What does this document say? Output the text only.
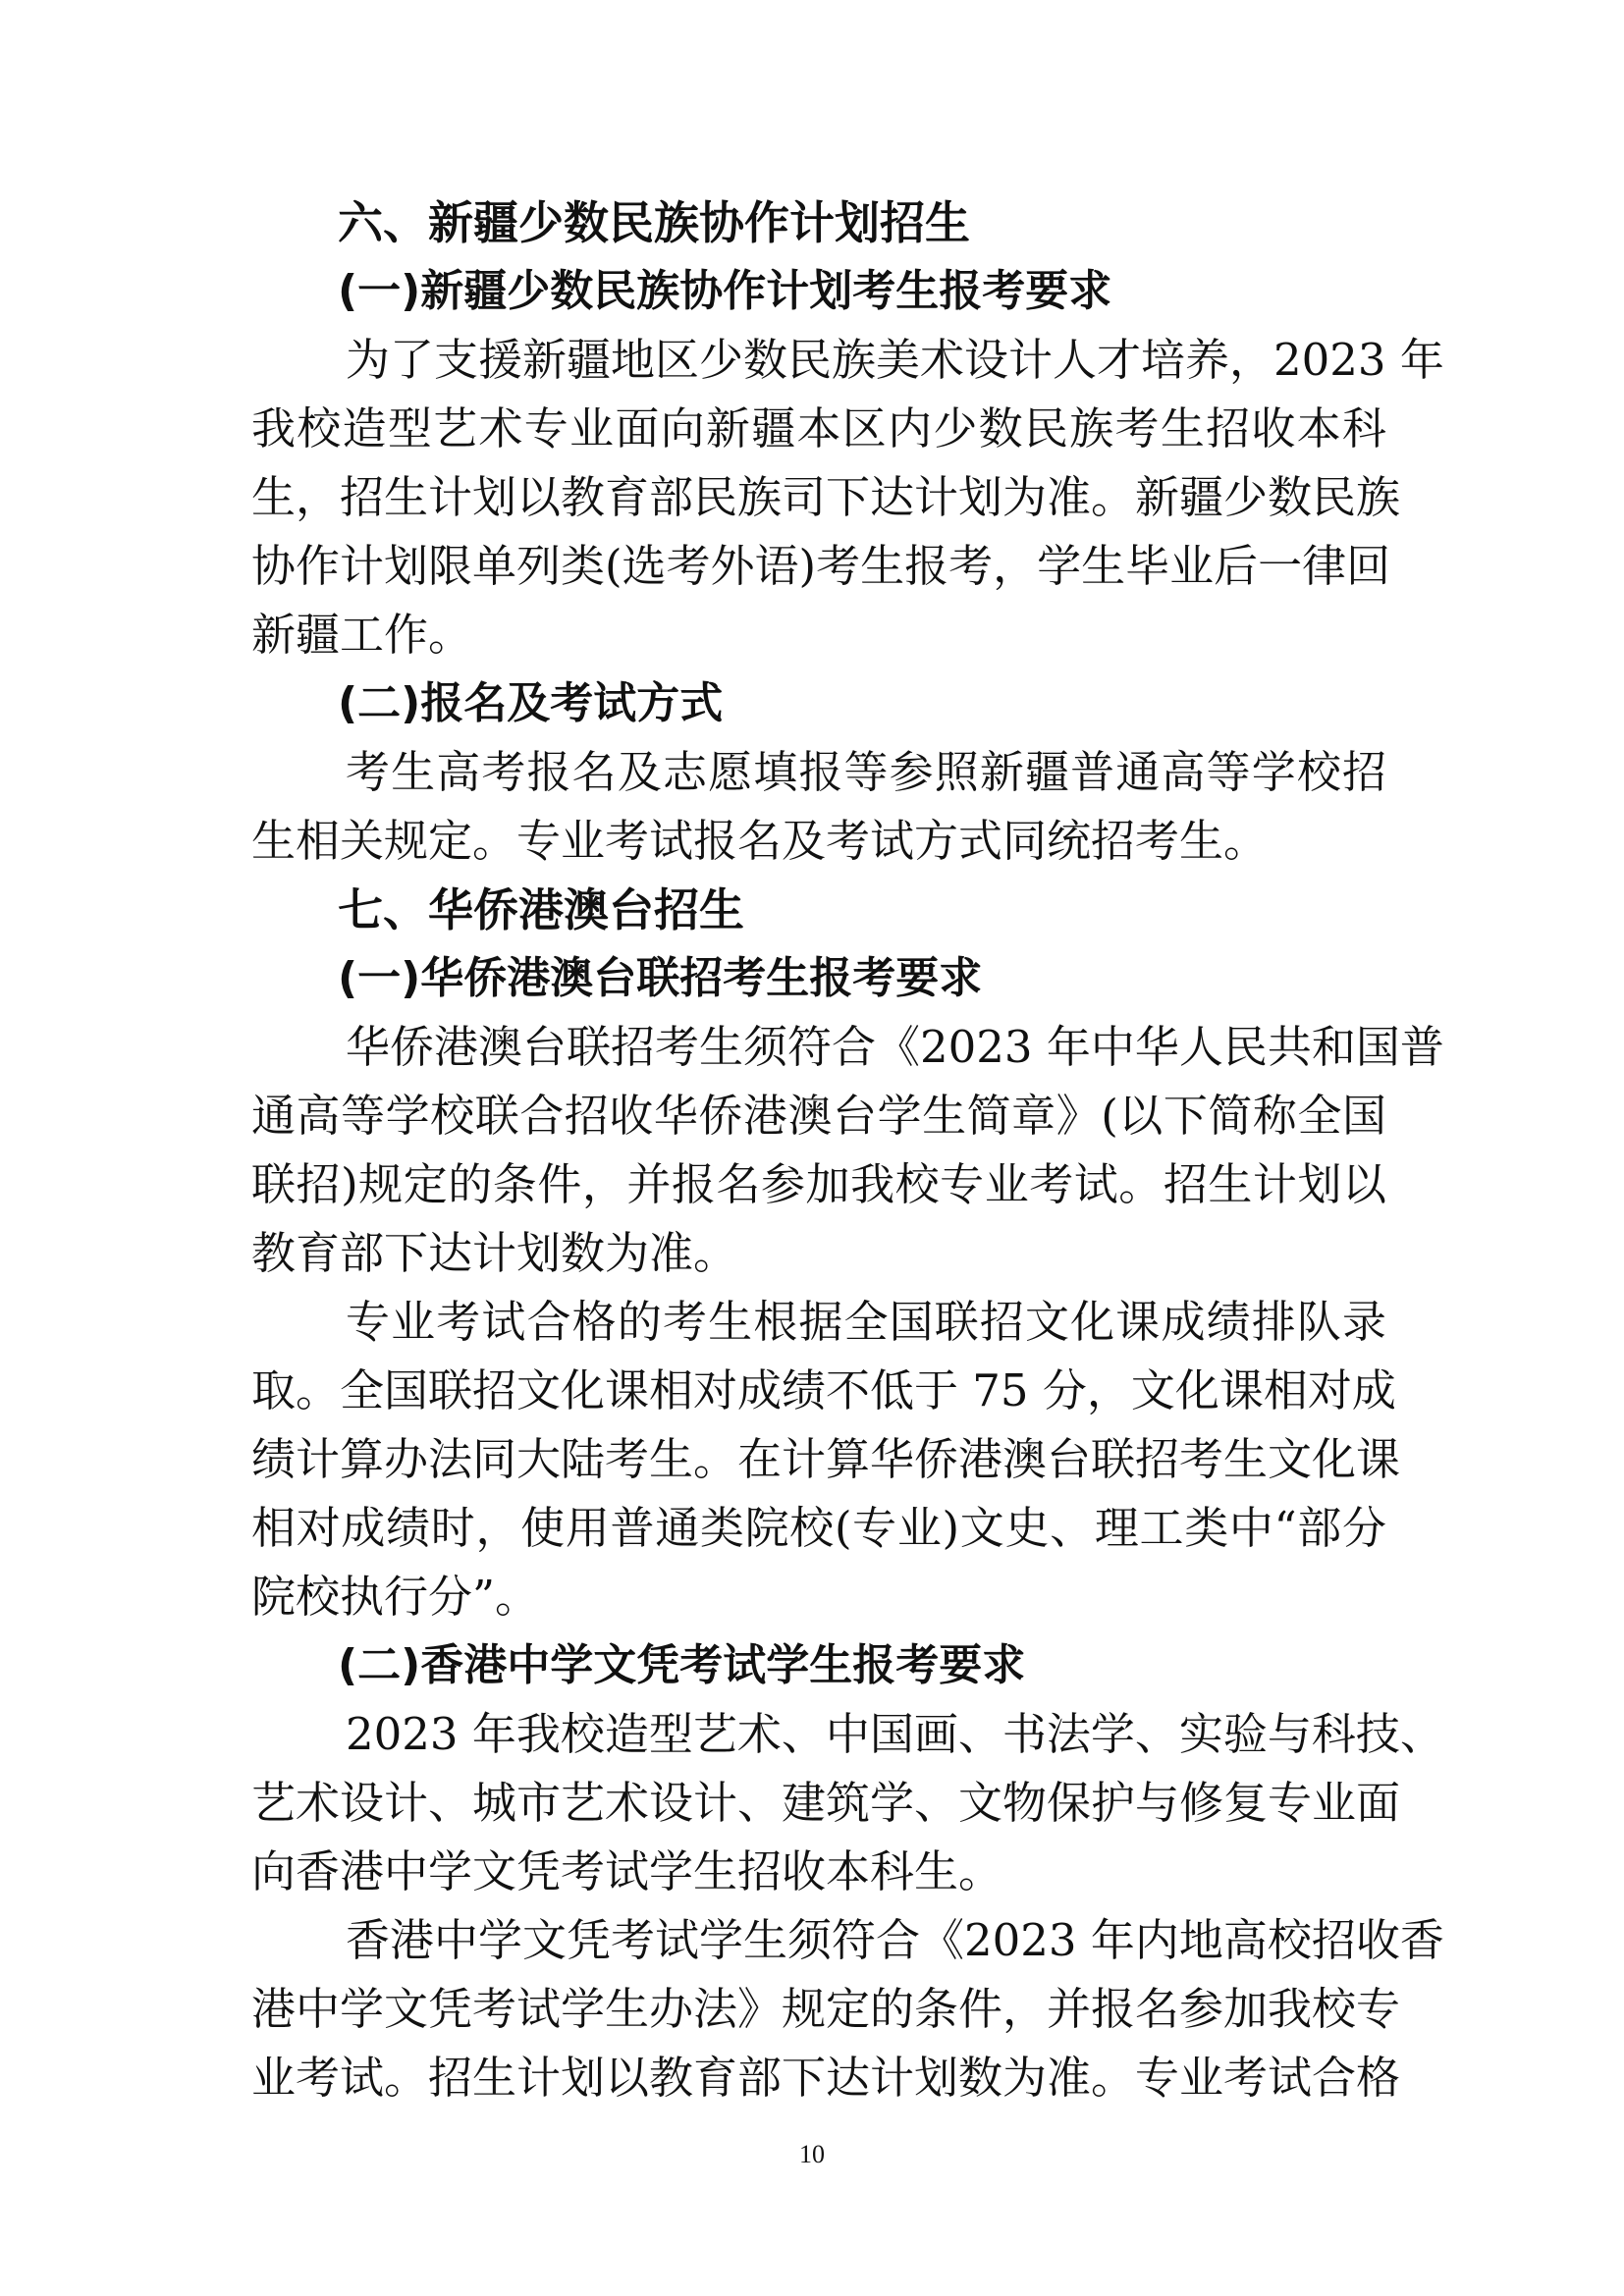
六、新疆少数民族协作计划招生
(一)新疆少数民族协作计划考生报考要求
为了支援新疆地区少数民族美术设计人才培养，2023 年
我校造型艺术专业面向新疆本区内少数民族考生招收本科
生，招生计划以教育部民族司下达计划为准。新疆少数民族
协作计划限单列类(选考外语)考生报考，学生毕业后一律回
新疆工作。
(二)报名及考试方式
考生高考报名及志愿填报等参照新疆普通高等学校招
生相关规定。专业考试报名及考试方式同统招考生。
七、华侨港澳台招生
(一)华侨港澳台联招考生报考要求
华侨港澳台联招考生须符合《2023 年中华人民共和国普
通高等学校联合招收华侨港澳台学生简章》(以下简称全国
联招)规定的条件，并报名参加我校专业考试。招生计划以
教育部下达计划数为准。
专业考试合格的考生根据全国联招文化课成绩排队录
取。全国联招文化课相对成绩不低于 75 分，文化课相对成
绩计算办法同大陆考生。在计算华侨港澳台联招考生文化课
相对成绩时，使用普通类院校(专业)文史、理工类中“部分
院校执行分”。
(二)香港中学文凭考试学生报考要求
2023 年我校造型艺术、中国画、书法学、实验与科技、
艺术设计、城市艺术设计、建筑学、文物保护与修复专业面
向香港中学文凭考试学生招收本科生。
香港中学文凭考试学生须符合《2023 年内地高校招收香
港中学文凭考试学生办法》规定的条件，并报名参加我校专
业考试。招生计划以教育部下达计划数为准。专业考试合格
10
